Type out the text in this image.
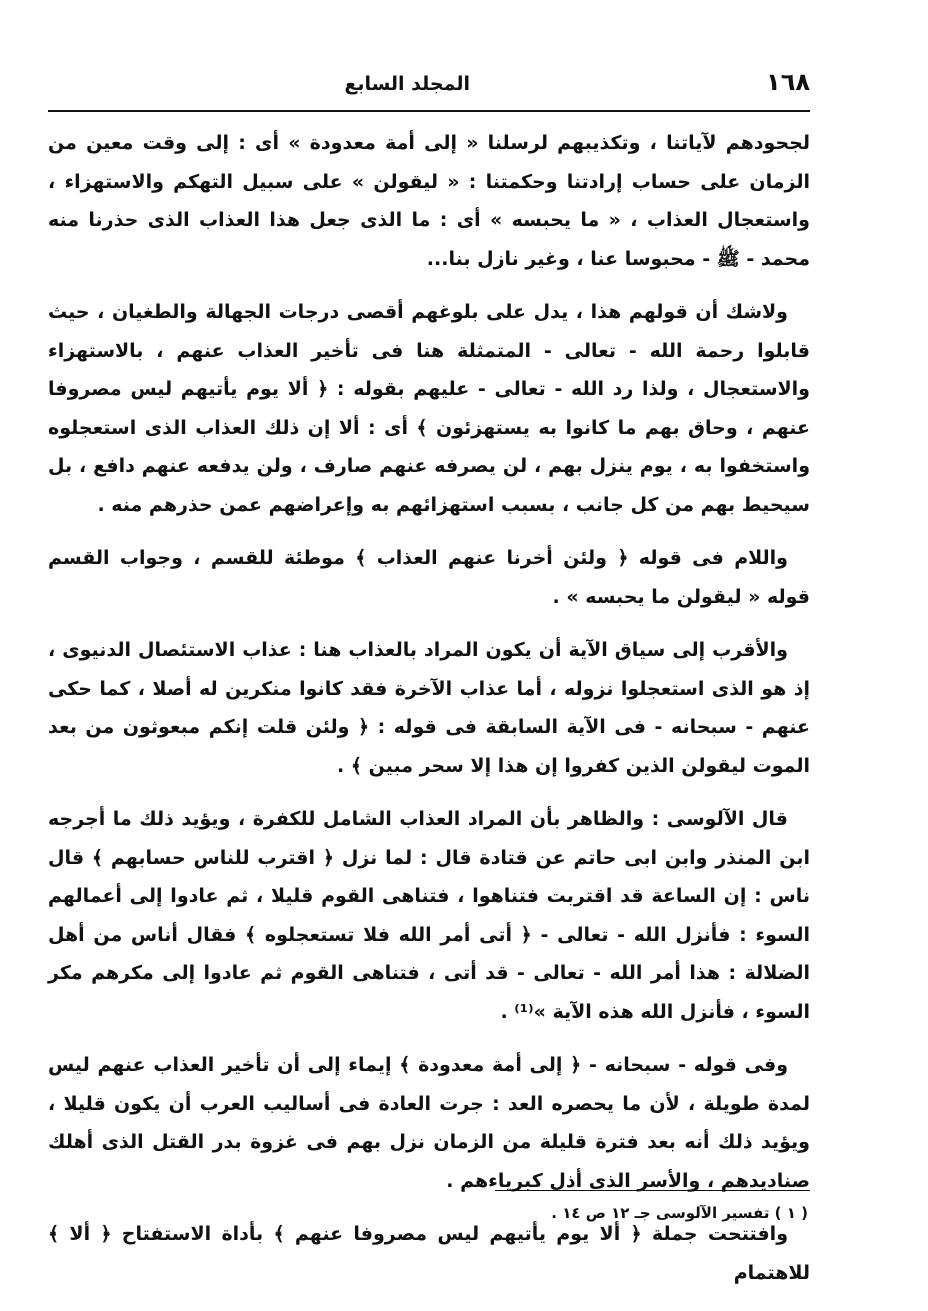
١٦٨
المجلد السابع

لجحودهم لآياتنا ، وتكذيبهم لرسلنا « إلى أمة معدودة » أى : إلى وقت معين من الزمان على حساب إرادتنا وحكمتنا : « ليقولن » على سبيل التهكم والاستهزاء ، واستعجال العذاب ، « ما يحبسه » أى : ما الذى جعل هذا العذاب الذى حذرنا منه محمد - ﷺ - محبوسا عنا ، وغير نازل بنا...

ولاشك أن قولهم هذا ، يدل على بلوغهم أقصى درجات الجهالة والطغيان ، حيث قابلوا رحمة الله - تعالى - المتمثلة هنا فى تأخير العذاب عنهم ، بالاستهزاء والاستعجال ، ولذا رد الله - تعالى - عليهم بقوله : ﴿ ألا يوم يأتيهم ليس مصروفا عنهم ، وحاق بهم ما كانوا به يستهزئون ﴾ أى : ألا إن ذلك العذاب الذى استعجلوه واستخفوا به ، يوم ينزل بهم ، لن يصرفه عنهم صارف ، ولن يدفعه عنهم دافع ، بل سيحيط بهم من كل جانب ، بسبب استهزائهم به وإعراضهم عمن حذرهم منه .

واللام فى قوله ﴿ ولئن أخرنا عنهم العذاب ﴾ موطئة للقسم ، وجواب القسم قوله « ليقولن ما يحبسه » .

والأقرب إلى سياق الآية أن يكون المراد بالعذاب هنا : عذاب الاستئصال الدنيوى ، إذ هو الذى استعجلوا نزوله ، أما عذاب الآخرة فقد كانوا منكرين له أصلا ، كما حكى عنهم - سبحانه - فى الآية السابقة فى قوله : ﴿ ولئن قلت إنكم مبعوثون من بعد الموت ليقولن الذين كفروا إن هذا إلا سحر مبين ﴾ .

قال الآلوسى : والظاهر بأن المراد العذاب الشامل للكفرة ، ويؤيد ذلك ما أجرجه ابن المنذر وابن ابى حاتم عن قتادة قال : لما نزل ﴿ اقترب للناس حسابهم ﴾ قال ناس : إن الساعة قد اقتربت فتناهوا ، فتناهى القوم قليلا ، ثم عادوا إلى أعمالهم السوء : فأنزل الله - تعالى - ﴿ أتى أمر الله فلا تستعجلوه ﴾ فقال أناس من أهل الضلالة : هذا أمر الله - تعالى - قد أتى ، فتناهى القوم ثم عادوا إلى مكرهم مكر السوء ، فأنزل الله هذه الآية »⁽¹⁾ .

وفى قوله - سبحانه - ﴿ إلى أمة معدودة ﴾ إيماء إلى أن تأخير العذاب عنهم ليس لمدة طويلة ، لأن ما يحصره العد : جرت العادة فى أساليب العرب أن يكون قليلا ، ويؤيد ذلك أنه بعد فترة قليلة من الزمان نزل بهم فى غزوة بدر القتل الذى أهلك صناديدهم ، والأسر الذى أذل كبرياءهم .

وافتتحت جملة ﴿ ألا يوم يأتيهم ليس مصروفا عنهم ﴾ بأداة الاستفتاح ﴿ ألا ﴾ للاهتمام

( ١ ) تفسير الآلوسى جـ ١٢ ص ١٤ .
